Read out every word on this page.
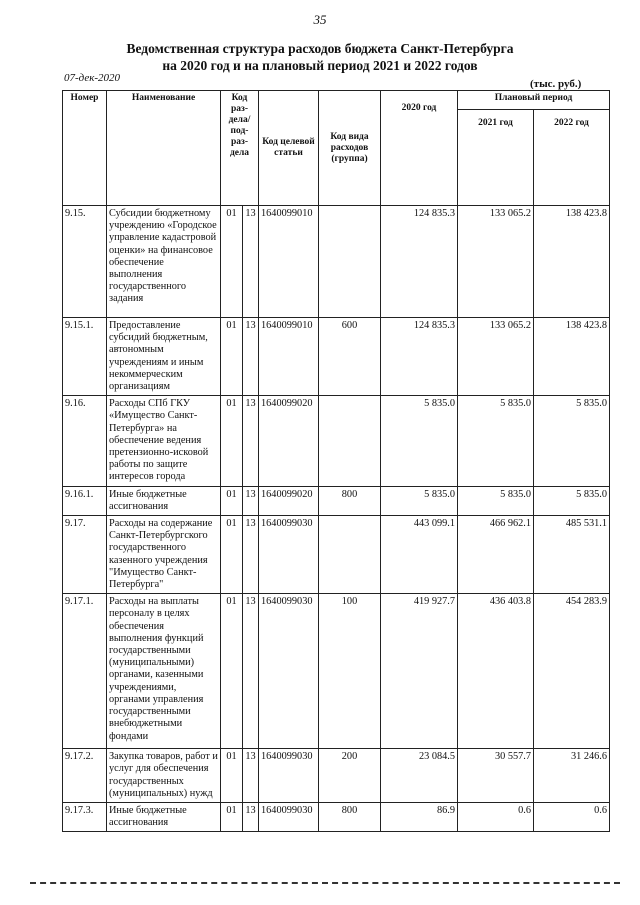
35
Ведомственная структура расходов бюджета Санкт-Петербурга
на 2020 год и на плановый период 2021 и 2022 годов
07-дек-2020	(тыс. руб.)
Номер	Наименование	Код раз-дела/ под-раз-дела		Код целевой статьи	Код вида расходов (группа)	2020 год	Плановый период	
							2021 год	2022 год
9.15.	Субсидии бюджетному учреждению «Городское управление кадастровой оценки» на финансовое обеспечение выполнения государственного задания	01	13	1640099010		124 835.3	133 065.2	138 423.8
9.15.1.	Предоставление субсидий бюджетным, автономным учреждениям и иным некоммерческим организациям	01	13	1640099010	600	124 835.3	133 065.2	138 423.8
9.16.	Расходы СПб ГКУ «Имущество Санкт-Петербурга» на обеспечение ведения претензионно-исковой работы по защите интересов города	01	13	1640099020		5 835.0	5 835.0	5 835.0
9.16.1.	Иные бюджетные ассигнования	01	13	1640099020	800	5 835.0	5 835.0	5 835.0
9.17.	Расходы на содержание Санкт-Петербургского государственного казенного учреждения "Имущество Санкт-Петербурга"	01	13	1640099030		443 099.1	466 962.1	485 531.1
9.17.1.	Расходы на выплаты персоналу в целях обеспечения выполнения функций государственными (муниципальными) органами, казенными учреждениями, органами управления государственными внебюджетными фондами	01	13	1640099030	100	419 927.7	436 403.8	454 283.9
9.17.2.	Закупка товаров, работ и услуг для обеспечения государственных (муниципальных) нужд	01	13	1640099030	200	23 084.5	30 557.7	31 246.6
9.17.3.	Иные бюджетные ассигнования	01	13	1640099030	800	86.9	0.6	0.6
